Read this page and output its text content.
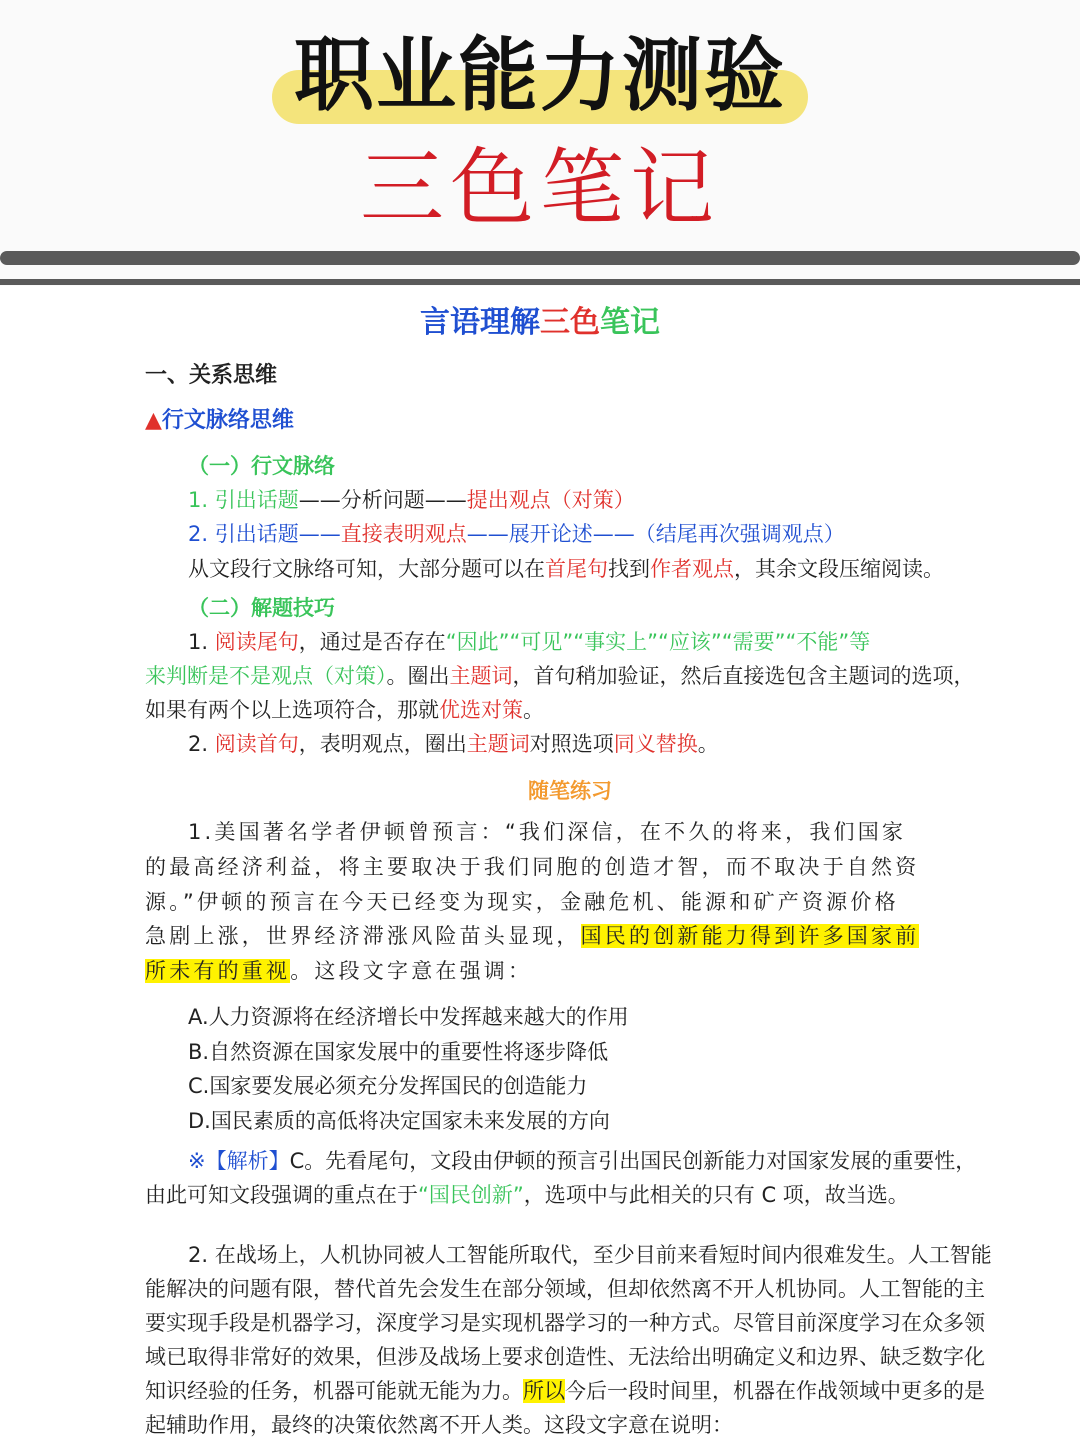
职业能力测验
三色笔记
言语理解三色笔记
一、关系思维
▲行文脉络思维
（一）行文脉络
1. 引出话题——分析问题——提出观点（对策）
2. 引出话题——直接表明观点——展开论述——（结尾再次强调观点）
从文段行文脉络可知，大部分题可以在首尾句找到作者观点，其余文段压缩阅读。
（二）解题技巧
1. 阅读尾句，通过是否存在“因此”“可见”“事实上”“应该”“需要”“不能”等
来判断是不是观点（对策）。圈出主题词，首句稍加验证，然后直接选包含主题词的选项，
如果有两个以上选项符合，那就优选对策。
2. 阅读首句，表明观点，圈出主题词对照选项同义替换。
随笔练习
1.美国著名学者伊顿曾预言：“我们深信，在不久的将来，我们国家
的最高经济利益，将主要取决于我们同胞的创造才智，而不取决于自然资
源。”伊顿的预言在今天已经变为现实，金融危机、能源和矿产资源价格
急剧上涨，世界经济滞涨风险苗头显现，国民的创新能力得到许多国家前
所未有的重视。这段文字意在强调：
A.人力资源将在经济增长中发挥越来越大的作用
B.自然资源在国家发展中的重要性将逐步降低
C.国家要发展必须充分发挥国民的创造能力
D.国民素质的高低将决定国家未来发展的方向
※【解析】C。先看尾句，文段由伊顿的预言引出国民创新能力对国家发展的重要性，
由此可知文段强调的重点在于“国民创新”，选项中与此相关的只有 C 项，故当选。
2. 在战场上，人机协同被人工智能所取代，至少目前来看短时间内很难发生。人工智能
能解决的问题有限，替代首先会发生在部分领域，但却依然离不开人机协同。人工智能的主
要实现手段是机器学习，深度学习是实现机器学习的一种方式。尽管目前深度学习在众多领
域已取得非常好的效果，但涉及战场上要求创造性、无法给出明确定义和边界、缺乏数字化
知识经验的任务，机器可能就无能为力。所以今后一段时间里，机器在作战领域中更多的是
起辅助作用，最终的决策依然离不开人类。这段文字意在说明：
